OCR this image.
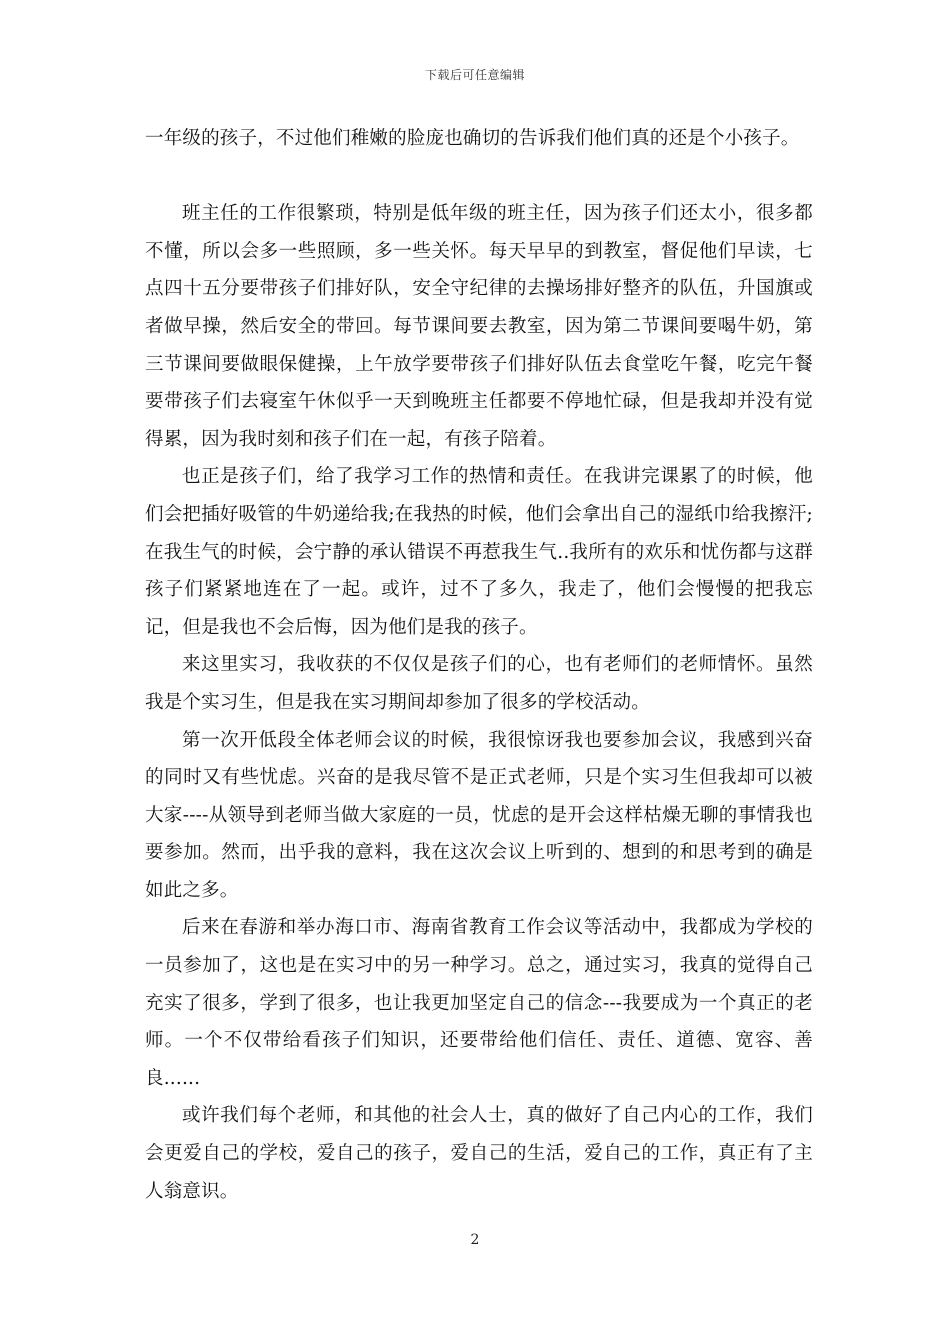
下载后可任意编辑

一年级的孩子，不过他们稚嫩的脸庞也确切的告诉我们他们真的还是个小孩子。

班主任的工作很繁琐，特别是低年级的班主任，因为孩子们还太小，很多都不懂，所以会多一些照顾，多一些关怀。每天早早的到教室，督促他们早读，七点四十五分要带孩子们排好队，安全守纪律的去操场排好整齐的队伍，升国旗或者做早操，然后安全的带回。每节课间要去教室，因为第二节课间要喝牛奶，第三节课间要做眼保健操，上午放学要带孩子们排好队伍去食堂吃午餐，吃完午餐要带孩子们去寝室午休似乎一天到晚班主任都要不停地忙碌，但是我却并没有觉得累，因为我时刻和孩子们在一起，有孩子陪着。

也正是孩子们，给了我学习工作的热情和责任。在我讲完课累了的时候，他们会把插好吸管的牛奶递给我;在我热的时候，他们会拿出自己的湿纸巾给我擦汗;在我生气的时候，会宁静的承认错误不再惹我生气..我所有的欢乐和忧伤都与这群孩子们紧紧地连在了一起。或许，过不了多久，我走了，他们会慢慢的把我忘记，但是我也不会后悔，因为他们是我的孩子。

来这里实习，我收获的不仅仅是孩子们的心，也有老师们的老师情怀。虽然我是个实习生，但是我在实习期间却参加了很多的学校活动。

第一次开低段全体老师会议的时候，我很惊讶我也要参加会议，我感到兴奋的同时又有些忧虑。兴奋的是我尽管不是正式老师，只是个实习生但我却可以被大家----从领导到老师当做大家庭的一员，忧虑的是开会这样枯燥无聊的事情我也要参加。然而，出乎我的意料，我在这次会议上听到的、想到的和思考到的确是如此之多。

后来在春游和举办海口市、海南省教育工作会议等活动中，我都成为学校的一员参加了，这也是在实习中的另一种学习。总之，通过实习，我真的觉得自己充实了很多，学到了很多，也让我更加坚定自己的信念---我要成为一个真正的老师。一个不仅带给看孩子们知识，还要带给他们信任、责任、道德、宽容、善良......

或许我们每个老师，和其他的社会人士，真的做好了自己内心的工作，我们会更爱自己的学校，爱自己的孩子，爱自己的生活，爱自己的工作，真正有了主人翁意识。

2
